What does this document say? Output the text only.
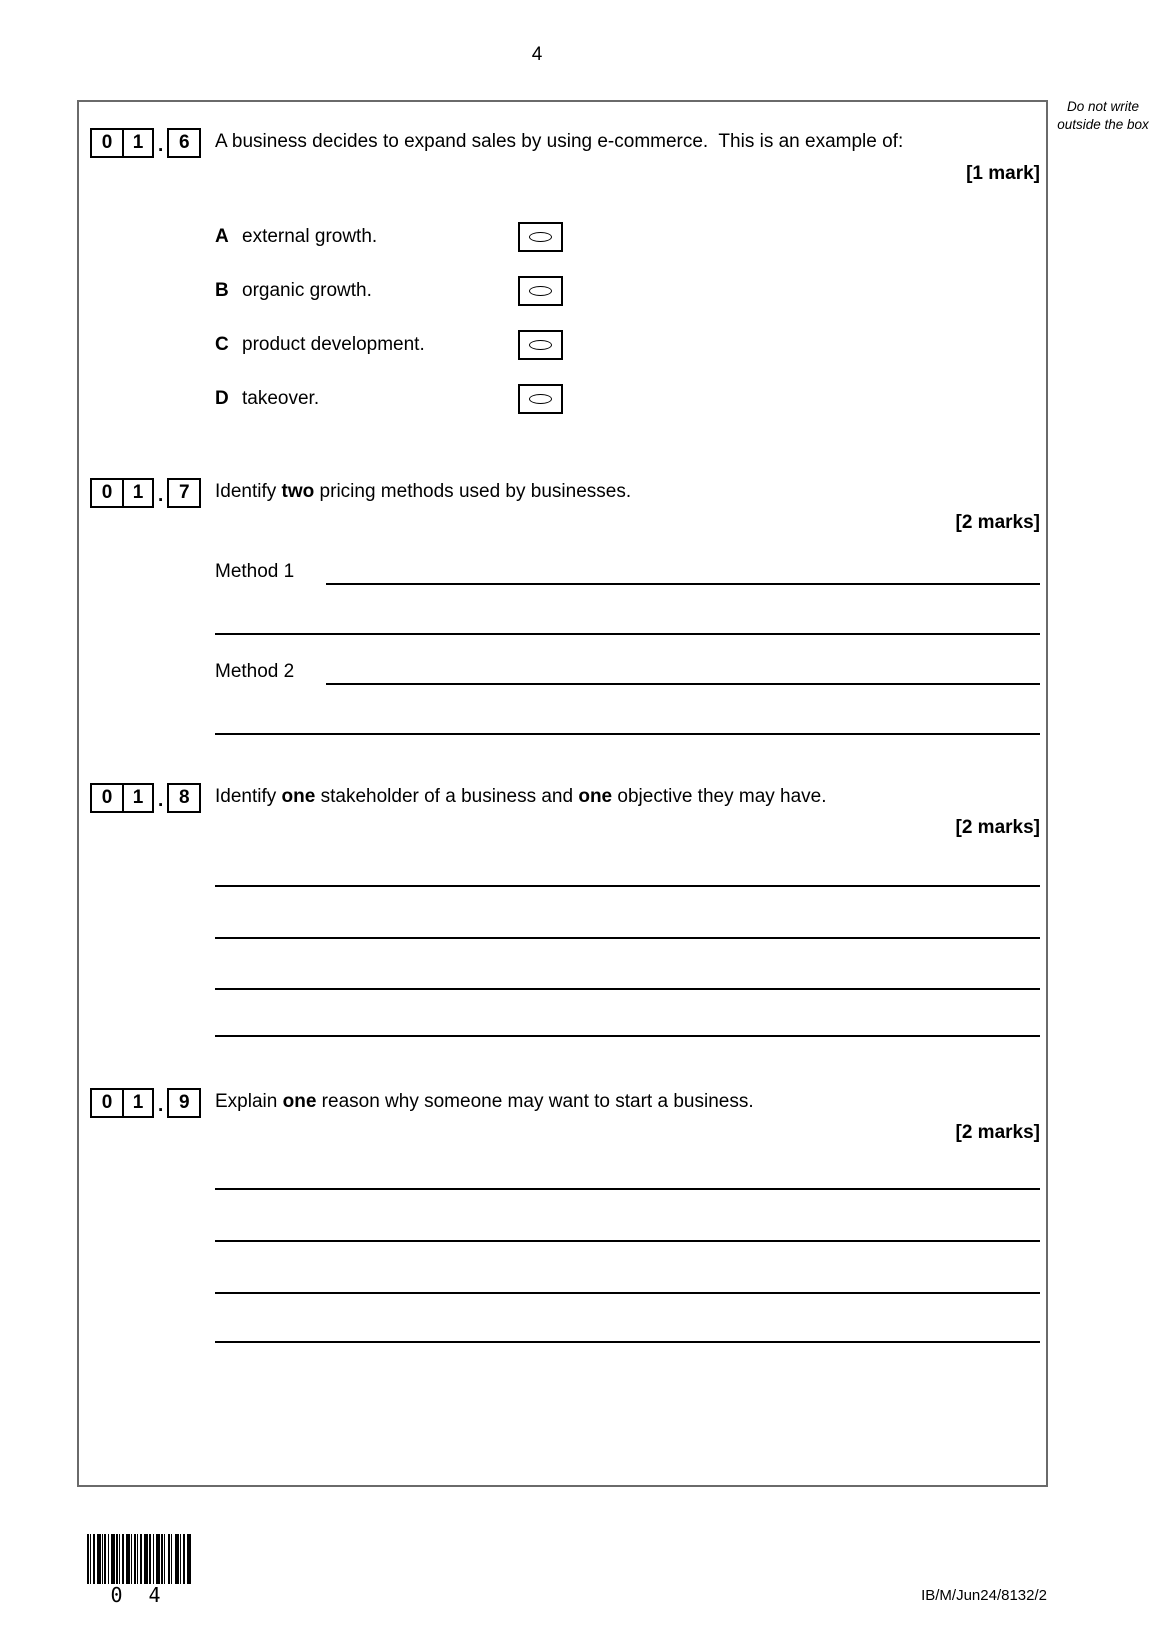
4
Do not write outside the box
0	1 . 6	A business decides to expand sales by using e-commerce.  This is an example of:
[1 mark]
A external growth.
B organic growth.
C product development.
D takeover.
0	1 . 7	Identify two pricing methods used by businesses.
[2 marks]
Method 1
Method 2
0	1 . 8	Identify one stakeholder of a business and one objective they may have.
[2 marks]
0	1 . 9	Explain one reason why someone may want to start a business.
[2 marks]
0 4	IB/M/Jun24/8132/2
